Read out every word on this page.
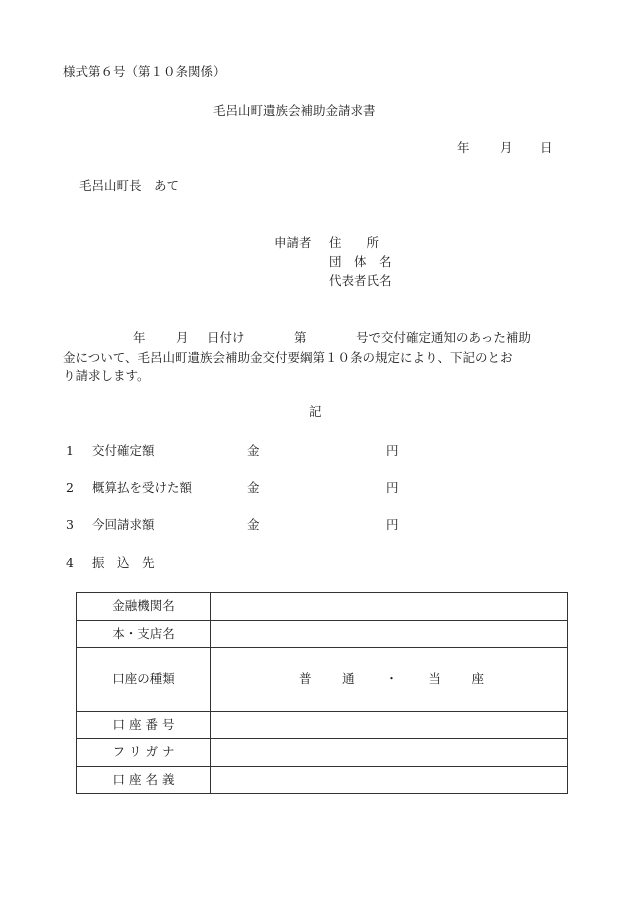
様式第６号（第１０条関係）
毛呂山町遺族会補助金請求書
年 月 日
毛呂山町長　あて
申請者 住　　所
団　体　名
代表者氏名
年 月 日付け	第	号で交付確定通知のあった補助
金について、毛呂山町遺族会補助金交付要綱第１０条の規定により、下記のとお
り請求します。
記
1 交付確定額	金	円
2 概算払を受けた額	金	円
3 今回請求額	金	円
4 振　込　先
金融機関名	
本・支店名	
口座の種類	普 通 ・ 当 座

口 座 番 号	
フ リ ガ ナ	
口 座 名 義	
